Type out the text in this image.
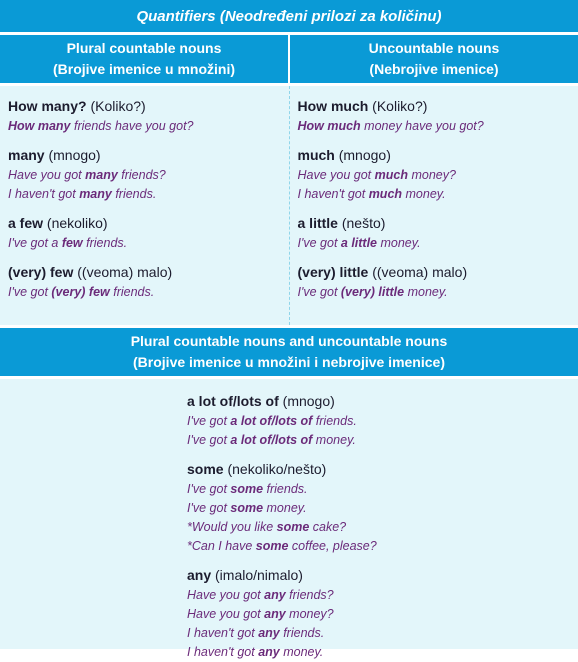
Quantifiers (Neodređeni prilozi za količinu)
Plural countable nouns
(Brojive imenice u množini)
Uncountable nouns
(Nebrojive imenice)
How many? (Koliko?)
How many friends have you got?
many (mnogo)
Have you got many friends?
I haven't got many friends.
a few (nekoliko)
I've got a few friends.
(very) few ((veoma) malo)
I've got (very) few friends.
How much (Koliko?)
How much money have you got?
much (mnogo)
Have you got much money?
I haven't got much money.
a little (nešto)
I've got a little money.
(very) little ((veoma) malo)
I've got (very) little money.
Plural countable nouns and uncountable nouns
(Brojive imenice u množini i nebrojive imenice)
a lot of/lots of (mnogo)
I've got a lot of/lots of friends.
I've got a lot of/lots of money.
some (nekoliko/nešto)
I've got some friends.
I've got some money.
*Would you like some cake?
*Can I have some coffee, please?
any (imalo/nimalo)
Have you got any friends?
Have you got any money?
I haven't got any friends.
I haven't got any money.
